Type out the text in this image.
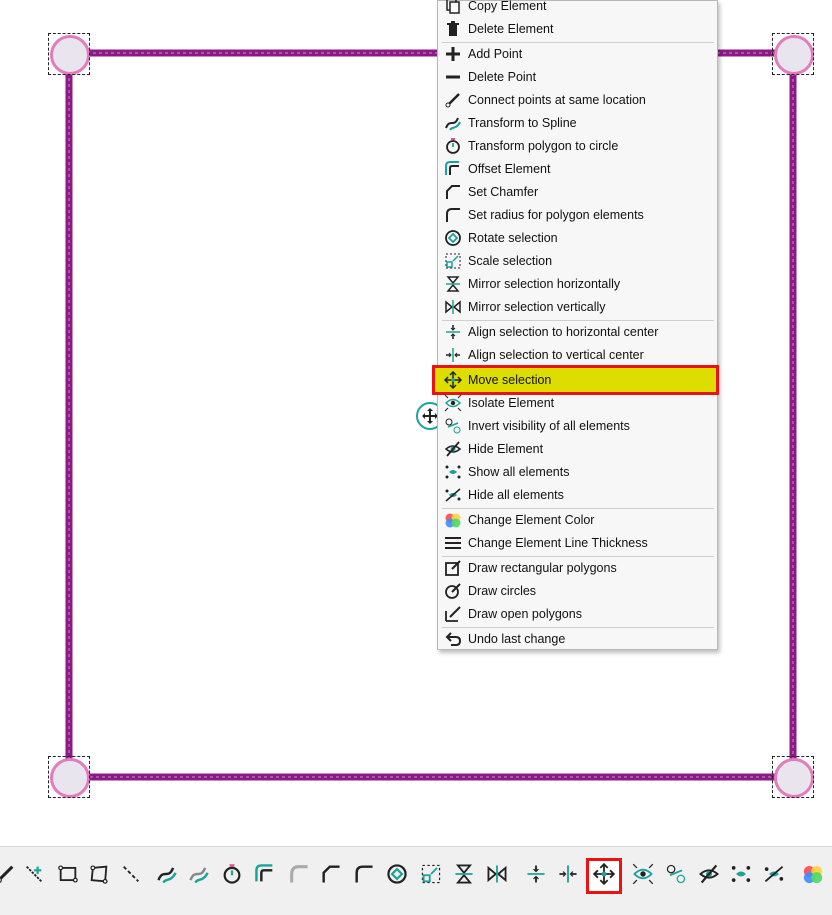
Copy Element
Delete Element
Add Point
Delete Point
Connect points at same location
Transform to Spline
Transform polygon to circle
Offset Element
Set Chamfer
Set radius for polygon elements
Rotate selection
Scale selection
Mirror selection horizontally
Mirror selection vertically
Align selection to horizontal center
Align selection to vertical center
Move selection
Isolate Element
Invert visibility of all elements
Hide Element
Show all elements
Hide all elements
Change Element Color
Change Element Line Thickness
Draw rectangular polygons
Draw circles
Draw open polygons
Undo last change
